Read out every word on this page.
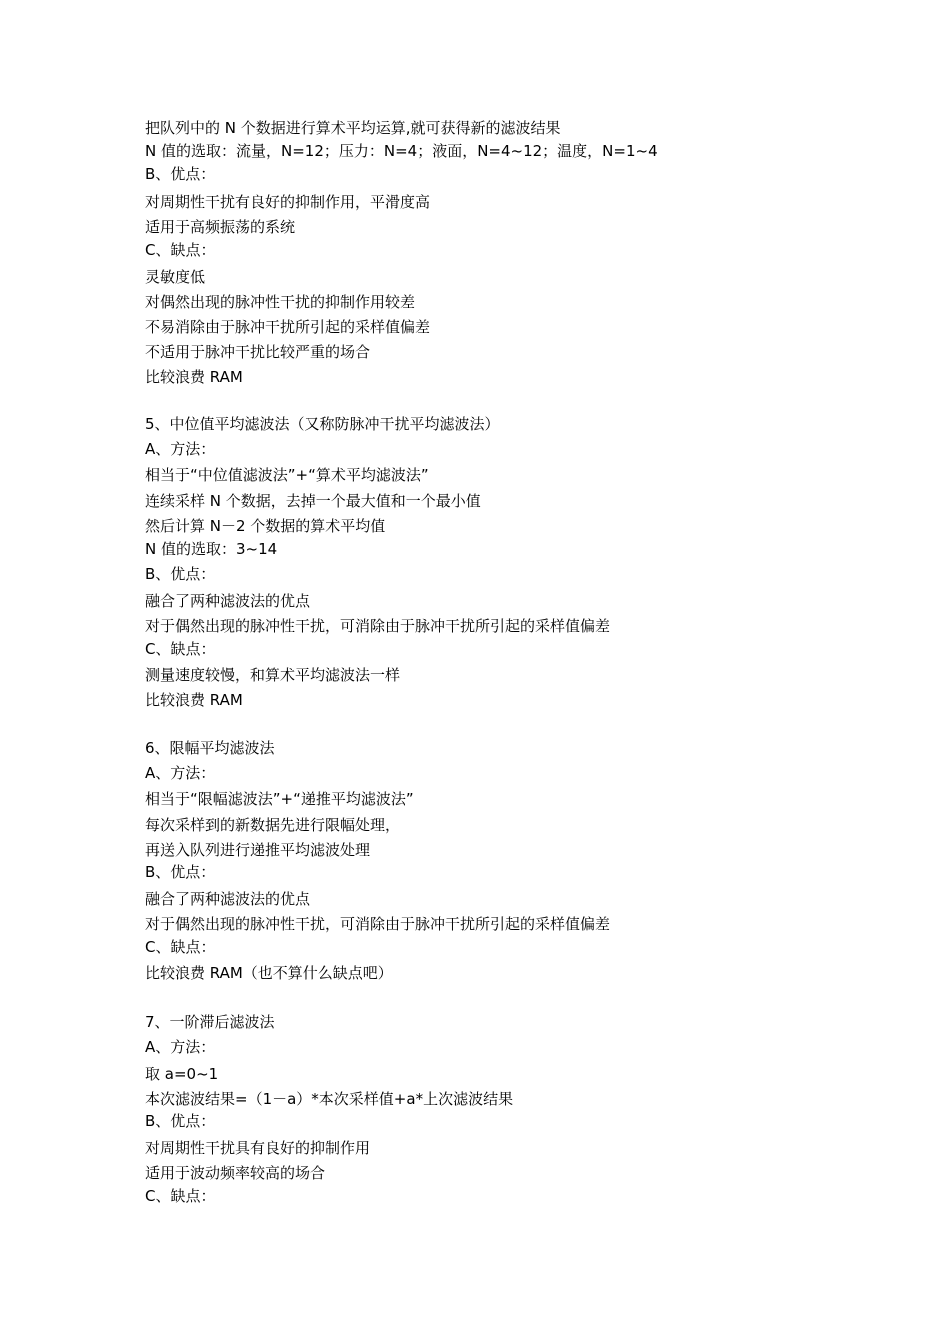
把队列中的 N 个数据进行算术平均运算,就可获得新的滤波结果
N 值的选取：流量，N=12；压力：N=4；液面，N=4~12；温度，N=1~4
B、优点：
对周期性干扰有良好的抑制作用，平滑度高
适用于高频振荡的系统
C、缺点：
灵敏度低
对偶然出现的脉冲性干扰的抑制作用较差
不易消除由于脉冲干扰所引起的采样值偏差
不适用于脉冲干扰比较严重的场合
比较浪费 RAM
5、中位值平均滤波法（又称防脉冲干扰平均滤波法）
A、方法：
相当于“中位值滤波法”+“算术平均滤波法”
连续采样 N 个数据，去掉一个最大值和一个最小值
然后计算 N－2 个数据的算术平均值
N 值的选取：3~14
B、优点：
融合了两种滤波法的优点
对于偶然出现的脉冲性干扰，可消除由于脉冲干扰所引起的采样值偏差
C、缺点：
测量速度较慢，和算术平均滤波法一样
比较浪费 RAM
6、限幅平均滤波法
A、方法：
相当于“限幅滤波法”+“递推平均滤波法”
每次采样到的新数据先进行限幅处理，
再送入队列进行递推平均滤波处理
B、优点：
融合了两种滤波法的优点
对于偶然出现的脉冲性干扰，可消除由于脉冲干扰所引起的采样值偏差
C、缺点：
比较浪费 RAM（也不算什么缺点吧）
7、一阶滞后滤波法
A、方法：
取 a=0~1
本次滤波结果=（1－a）*本次采样值+a*上次滤波结果
B、优点：
对周期性干扰具有良好的抑制作用
适用于波动频率较高的场合
C、缺点：
